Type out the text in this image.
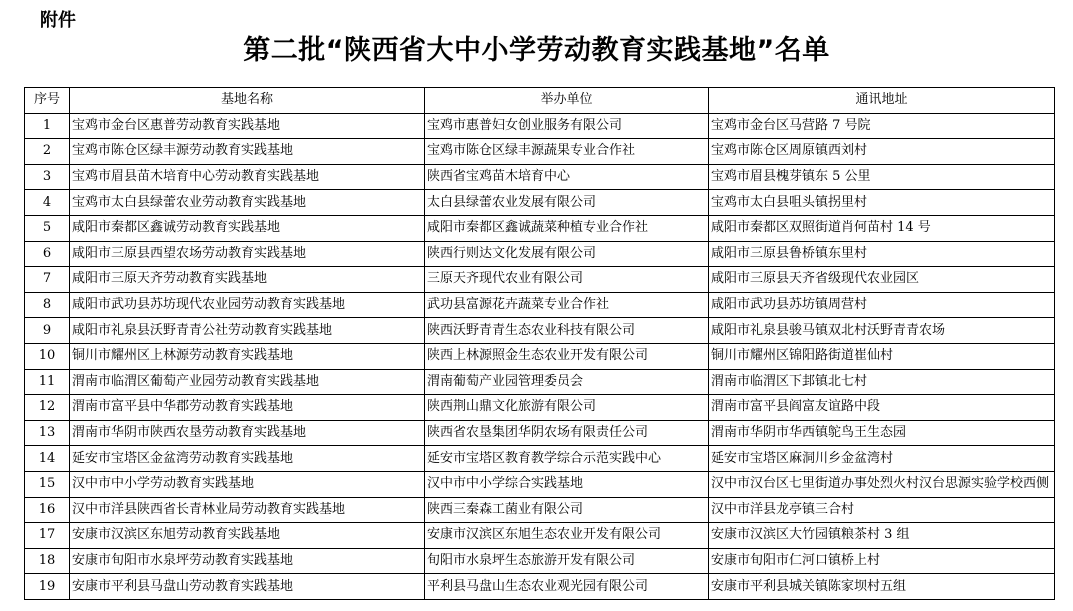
附件
第二批“陕西省大中小学劳动教育实践基地”名单
序号	基地名称	举办单位	通讯地址
1	宝鸡市金台区惠普劳动教育实践基地	宝鸡市惠普妇女创业服务有限公司	宝鸡市金台区马营路 7 号院
2	宝鸡市陈仓区绿丰源劳动教育实践基地	宝鸡市陈仓区绿丰源蔬果专业合作社	宝鸡市陈仓区周原镇西刘村
3	宝鸡市眉县苗木培育中心劳动教育实践基地	陕西省宝鸡苗木培育中心	宝鸡市眉县槐芽镇东 5 公里
4	宝鸡市太白县绿蕾农业劳动教育实践基地	太白县绿蕾农业发展有限公司	宝鸡市太白县咀头镇拐里村
5	咸阳市秦都区鑫诚劳动教育实践基地	咸阳市秦都区鑫诚蔬菜种植专业合作社	咸阳市秦都区双照街道肖何苗村 14 号
6	咸阳市三原县西望农场劳动教育实践基地	陕西行则达文化发展有限公司	咸阳市三原县鲁桥镇东里村
7	咸阳市三原天齐劳动教育实践基地	三原天齐现代农业有限公司	咸阳市三原县天齐省级现代农业园区
8	咸阳市武功县苏坊现代农业园劳动教育实践基地	武功县富源花卉蔬菜专业合作社	咸阳市武功县苏坊镇周营村
9	咸阳市礼泉县沃野青青公社劳动教育实践基地	陕西沃野青青生态农业科技有限公司	咸阳市礼泉县骏马镇双北村沃野青青农场
10	铜川市耀州区上林源劳动教育实践基地	陕西上林源照金生态农业开发有限公司	铜川市耀州区锦阳路街道崔仙村
11	渭南市临渭区葡萄产业园劳动教育实践基地	渭南葡萄产业园管理委员会	渭南市临渭区下邽镇北七村
12	渭南市富平县中华郡劳动教育实践基地	陕西荆山鼎文化旅游有限公司	渭南市富平县阎富友谊路中段
13	渭南市华阴市陕西农垦劳动教育实践基地	陕西省农垦集团华阴农场有限责任公司	渭南市华阴市华西镇鸵鸟王生态园
14	延安市宝塔区金盆湾劳动教育实践基地	延安市宝塔区教育教学综合示范实践中心	延安市宝塔区麻洞川乡金盆湾村
15	汉中市中小学劳动教育实践基地	汉中市中小学综合实践基地	汉中市汉台区七里街道办事处烈火村汉台思源实验学校西侧
16	汉中市洋县陕西省长青林业局劳动教育实践基地	陕西三秦森工菌业有限公司	汉中市洋县龙亭镇三合村
17	安康市汉滨区东旭劳动教育实践基地	安康市汉滨区东旭生态农业开发有限公司	安康市汉滨区大竹园镇粮茶村 3 组
18	安康市旬阳市水泉坪劳动教育实践基地	旬阳市水泉坪生态旅游开发有限公司	安康市旬阳市仁河口镇桥上村
19	安康市平利县马盘山劳动教育实践基地	平利县马盘山生态农业观光园有限公司	安康市平利县城关镇陈家坝村五组
